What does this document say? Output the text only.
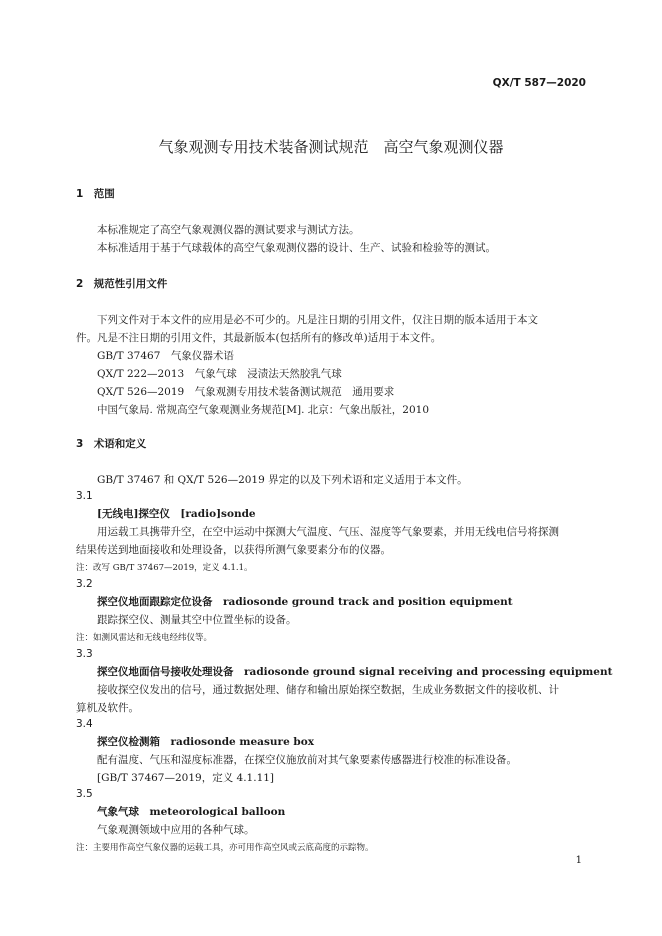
QX/T 587—2020
气象观测专用技术装备测试规范　高空气象观测仪器
1　范围
本标准规定了高空气象观测仪器的测试要求与测试方法。
本标准适用于基于气球载体的高空气象观测仪器的设计、生产、试验和检验等的测试。
2　规范性引用文件
下列文件对于本文件的应用是必不可少的。凡是注日期的引用文件，仅注日期的版本适用于本文
件。凡是不注日期的引用文件，其最新版本(包括所有的修改单)适用于本文件。
GB/T 37467　气象仪器术语
QX/T 222—2013　气象气球　浸渍法天然胶乳气球
QX/T 526—2019　气象观测专用技术装备测试规范　通用要求
中国气象局. 常规高空气象观测业务规范[M]. 北京：气象出版社，2010
3　术语和定义
GB/T 37467 和 QX/T 526—2019 界定的以及下列术语和定义适用于本文件。
3.1
[无线电]探空仪　[radio]sonde
用运载工具携带升空，在空中运动中探测大气温度、气压、湿度等气象要素，并用无线电信号将探测
结果传送到地面接收和处理设备，以获得所测气象要素分布的仪器。
注：改写 GB/T 37467—2019，定义 4.1.1。
3.2
探空仪地面跟踪定位设备　radiosonde ground track and position equipment
跟踪探空仪、测量其空中位置坐标的设备。
注：如测风雷达和无线电经纬仪等。
3.3
探空仪地面信号接收处理设备　radiosonde ground signal receiving and processing equipment
接收探空仪发出的信号，通过数据处理、储存和输出原始探空数据，生成业务数据文件的接收机、计
算机及软件。
3.4
探空仪检测箱　radiosonde measure box
配有温度、气压和湿度标准器，在探空仪施放前对其气象要素传感器进行校准的标准设备。
[GB/T 37467—2019，定义 4.1.11]
3.5
气象气球　meteorological balloon
气象观测领域中应用的各种气球。
注：主要用作高空气象仪器的运载工具，亦可用作高空风或云底高度的示踪物。
1
